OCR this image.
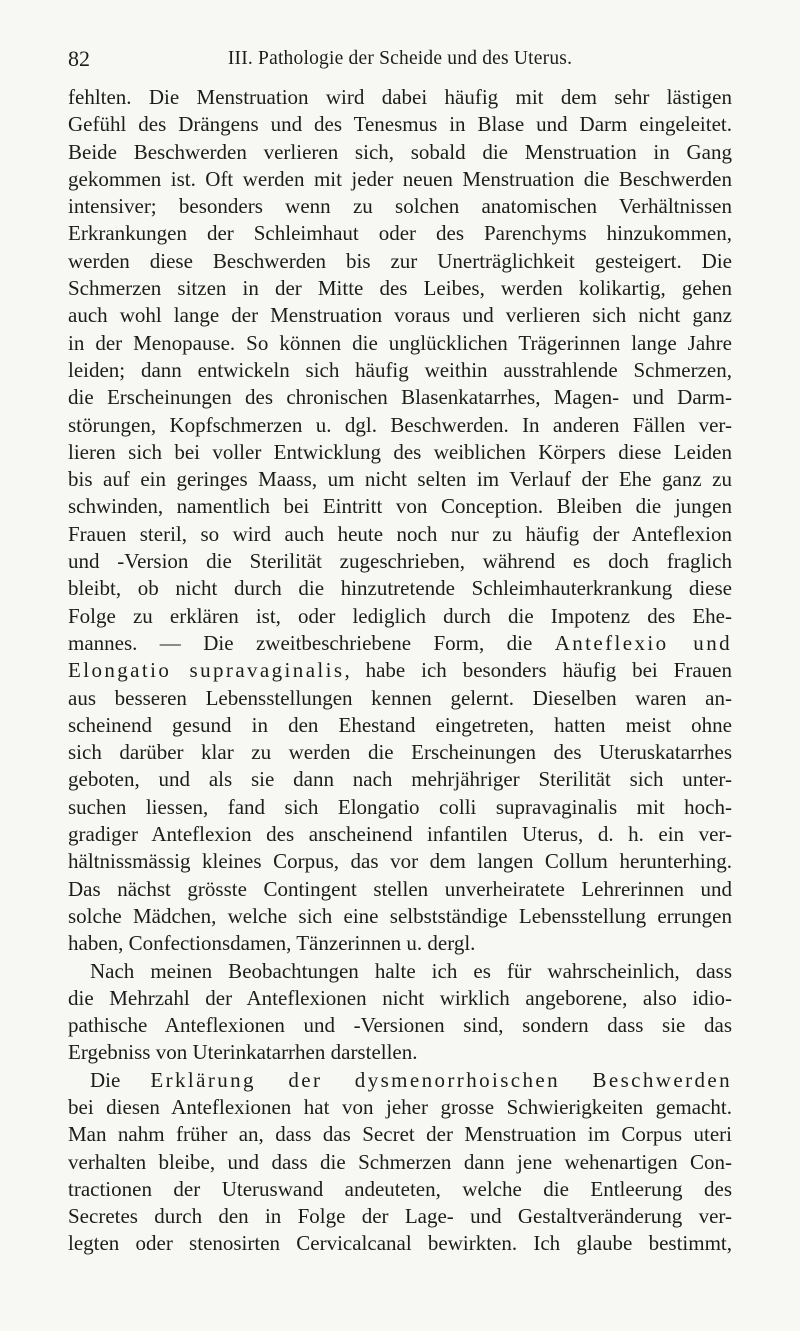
82	III. Pathologie der Scheide und des Uterus.
fehlten. Die Menstruation wird dabei häufig mit dem sehr lästigen
Gefühl des Drängens und des Tenesmus in Blase und Darm eingeleitet.
Beide Beschwerden verlieren sich, sobald die Menstruation in Gang
gekommen ist. Oft werden mit jeder neuen Menstruation die Beschwerden
intensiver; besonders wenn zu solchen anatomischen Verhältnissen
Erkrankungen der Schleimhaut oder des Parenchyms hinzukommen,
werden diese Beschwerden bis zur Unerträglichkeit gesteigert. Die
Schmerzen sitzen in der Mitte des Leibes, werden kolikartig, gehen
auch wohl lange der Menstruation voraus und verlieren sich nicht ganz
in der Menopause. So können die unglücklichen Trägerinnen lange Jahre
leiden; dann entwickeln sich häufig weithin ausstrahlende Schmerzen,
die Erscheinungen des chronischen Blasenkatarrhes, Magen- und Darm-
störungen, Kopfschmerzen u. dgl. Beschwerden. In anderen Fällen ver-
lieren sich bei voller Entwicklung des weiblichen Körpers diese Leiden
bis auf ein geringes Maass, um nicht selten im Verlauf der Ehe ganz zu
schwinden, namentlich bei Eintritt von Conception. Bleiben die jungen
Frauen steril, so wird auch heute noch nur zu häufig der Anteflexion
und -Version die Sterilität zugeschrieben, während es doch fraglich
bleibt, ob nicht durch die hinzutretende Schleimhauterkrankung diese
Folge zu erklären ist, oder lediglich durch die Impotenz des Ehe-
mannes. — Die zweitbeschriebene Form, die Anteflexio und
Elongatio supravaginalis, habe ich besonders häufig bei Frauen
aus besseren Lebensstellungen kennen gelernt. Dieselben waren an-
scheinend gesund in den Ehestand eingetreten, hatten meist ohne
sich darüber klar zu werden die Erscheinungen des Uteruskatarrhes
geboten, und als sie dann nach mehrjähriger Sterilität sich unter-
suchen liessen, fand sich Elongatio colli supravaginalis mit hoch-
gradiger Anteflexion des anscheinend infantilen Uterus, d. h. ein ver-
hältnissmässig kleines Corpus, das vor dem langen Collum herunterhing.
Das nächst grösste Contingent stellen unverheiratete Lehrerinnen und
solche Mädchen, welche sich eine selbstständige Lebensstellung errungen
haben, Confectionsdamen, Tänzerinnen u. dergl.
Nach meinen Beobachtungen halte ich es für wahrscheinlich, dass
die Mehrzahl der Anteflexionen nicht wirklich angeborene, also idio-
pathische Anteflexionen und -Versionen sind, sondern dass sie das
Ergebniss von Uterinkatarrhen darstellen.
Die Erklärung der dysmenorrhoischen Beschwerden
bei diesen Anteflexionen hat von jeher grosse Schwierigkeiten gemacht.
Man nahm früher an, dass das Secret der Menstruation im Corpus uteri
verhalten bleibe, und dass die Schmerzen dann jene wehenartigen Con-
tractionen der Uteruswand andeuteten, welche die Entleerung des
Secretes durch den in Folge der Lage- und Gestaltveränderung ver-
legten oder stenosirten Cervicalcanal bewirkten. Ich glaube bestimmt,
